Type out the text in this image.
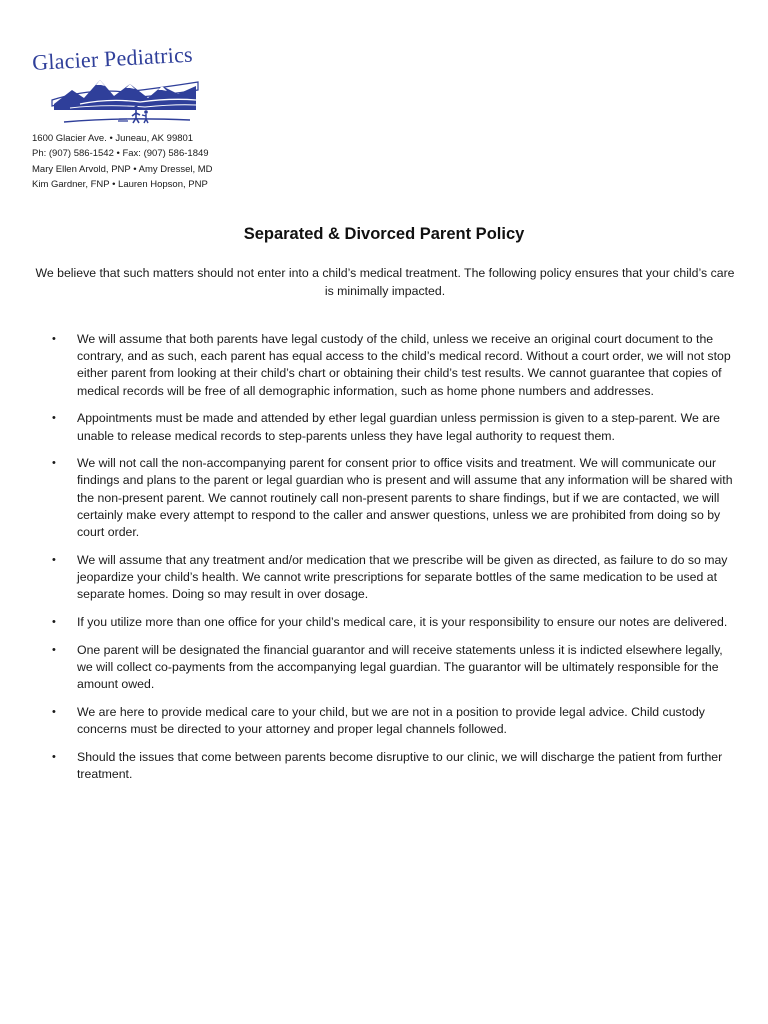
Glacier Pediatrics
1600 Glacier Ave. • Juneau, AK 99801
Ph: (907) 586-1542 • Fax: (907) 586-1849
Mary Ellen Arvold, PNP • Amy Dressel, MD
Kim Gardner, FNP • Lauren Hopson, PNP
Separated & Divorced Parent Policy
We believe that such matters should not enter into a child’s medical treatment. The following policy ensures that your child’s care is minimally impacted.
• We will assume that both parents have legal custody of the child, unless we receive an original court document to the contrary, and as such, each parent has equal access to the child’s medical record. Without a court order, we will not stop either parent from looking at their child’s chart or obtaining their child’s test results. We cannot guarantee that copies of medical records will be free of all demographic information, such as home phone numbers and addresses.
• Appointments must be made and attended by ether legal guardian unless permission is given to a step-parent. We are unable to release medical records to step-parents unless they have legal authority to request them.
• We will not call the non-accompanying parent for consent prior to office visits and treatment. We will communicate our findings and plans to the parent or legal guardian who is present and will assume that any information will be shared with the non-present parent. We cannot routinely call non-present parents to share findings, but if we are contacted, we will certainly make every attempt to respond to the caller and answer questions, unless we are prohibited from doing so by court order.
• We will assume that any treatment and/or medication that we prescribe will be given as directed, as failure to do so may jeopardize your child’s health. We cannot write prescriptions for separate bottles of the same medication to be used at separate homes. Doing so may result in over dosage.
• If you utilize more than one office for your child’s medical care, it is your responsibility to ensure our notes are delivered.
• One parent will be designated the financial guarantor and will receive statements unless it is indicted elsewhere legally, we will collect co-payments from the accompanying legal guardian. The guarantor will be ultimately responsible for the amount owed.
• We are here to provide medical care to your child, but we are not in a position to provide legal advice. Child custody concerns must be directed to your attorney and proper legal channels followed.
• Should the issues that come between parents become disruptive to our clinic, we will discharge the patient from further treatment.
